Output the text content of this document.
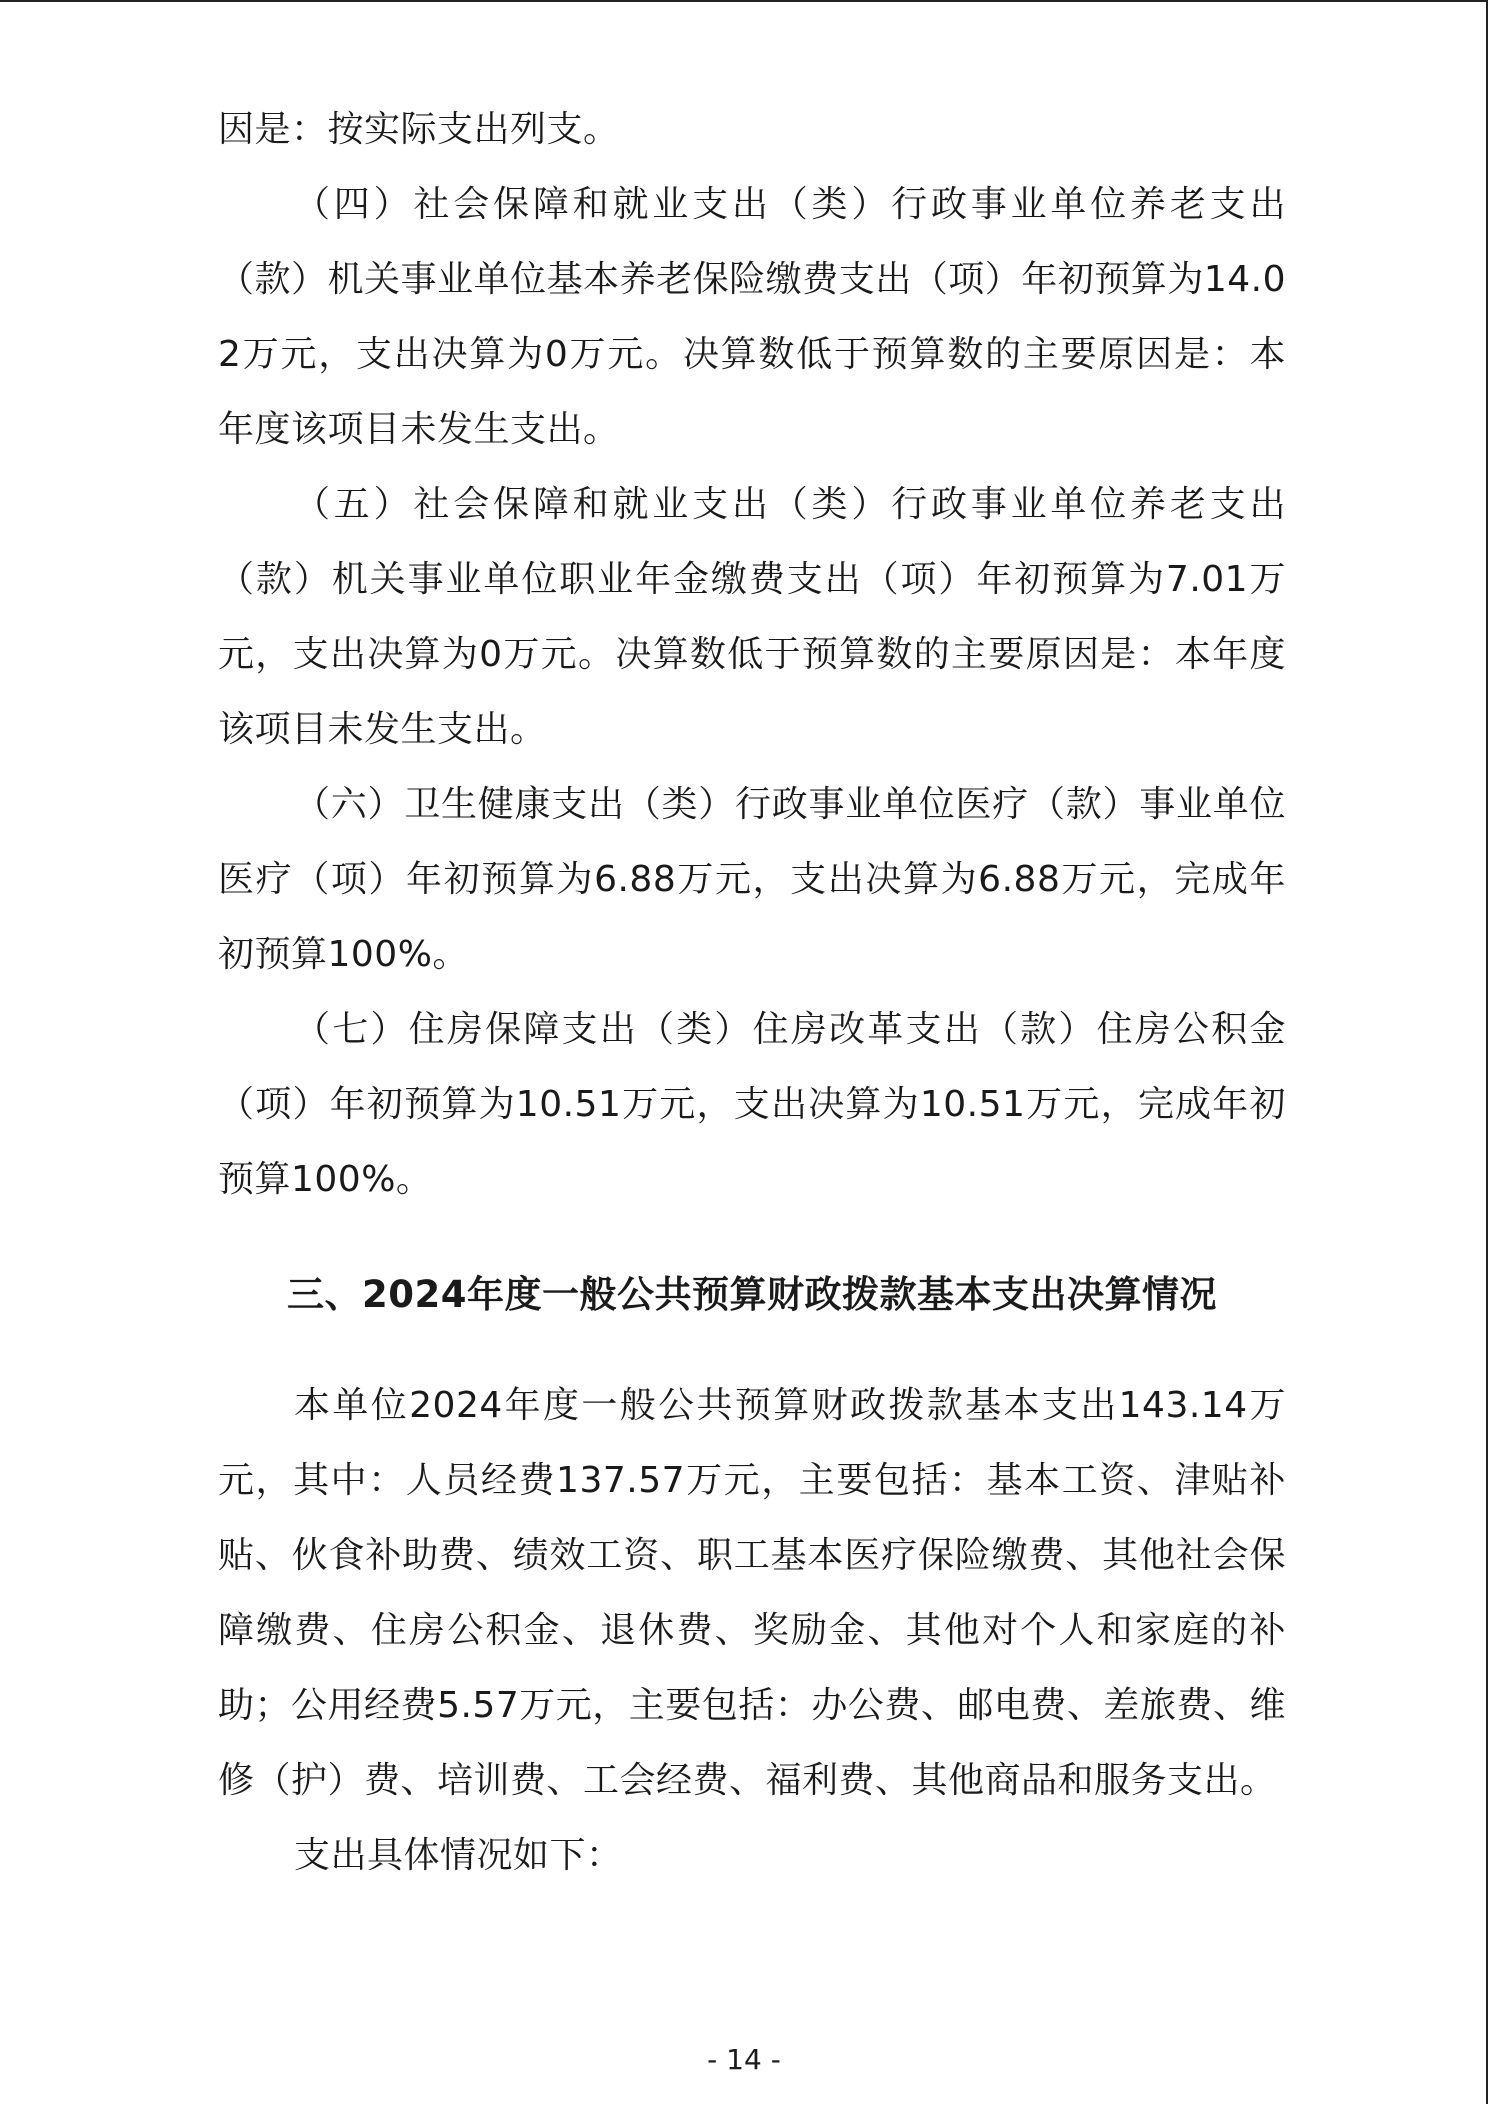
因是：按实际支出列支。

（四）社会保障和就业支出（类）行政事业单位养老支出（款）机关事业单位基本养老保险缴费支出（项）年初预算为14.02万元，支出决算为0万元。决算数低于预算数的主要原因是：本年度该项目未发生支出。

（五）社会保障和就业支出（类）行政事业单位养老支出（款）机关事业单位职业年金缴费支出（项）年初预算为7.01万元，支出决算为0万元。决算数低于预算数的主要原因是：本年度该项目未发生支出。

（六）卫生健康支出（类）行政事业单位医疗（款）事业单位医疗（项）年初预算为6.88万元，支出决算为6.88万元，完成年初预算100%。

（七）住房保障支出（类）住房改革支出（款）住房公积金（项）年初预算为10.51万元，支出决算为10.51万元，完成年初预算100%。

三、2024年度一般公共预算财政拨款基本支出决算情况

本单位2024年度一般公共预算财政拨款基本支出143.14万元，其中：人员经费137.57万元，主要包括：基本工资、津贴补贴、伙食补助费、绩效工资、职工基本医疗保险缴费、其他社会保障缴费、住房公积金、退休费、奖励金、其他对个人和家庭的补助；公用经费5.57万元，主要包括：办公费、邮电费、差旅费、维修（护）费、培训费、工会经费、福利费、其他商品和服务支出。

支出具体情况如下：

- 14 -
